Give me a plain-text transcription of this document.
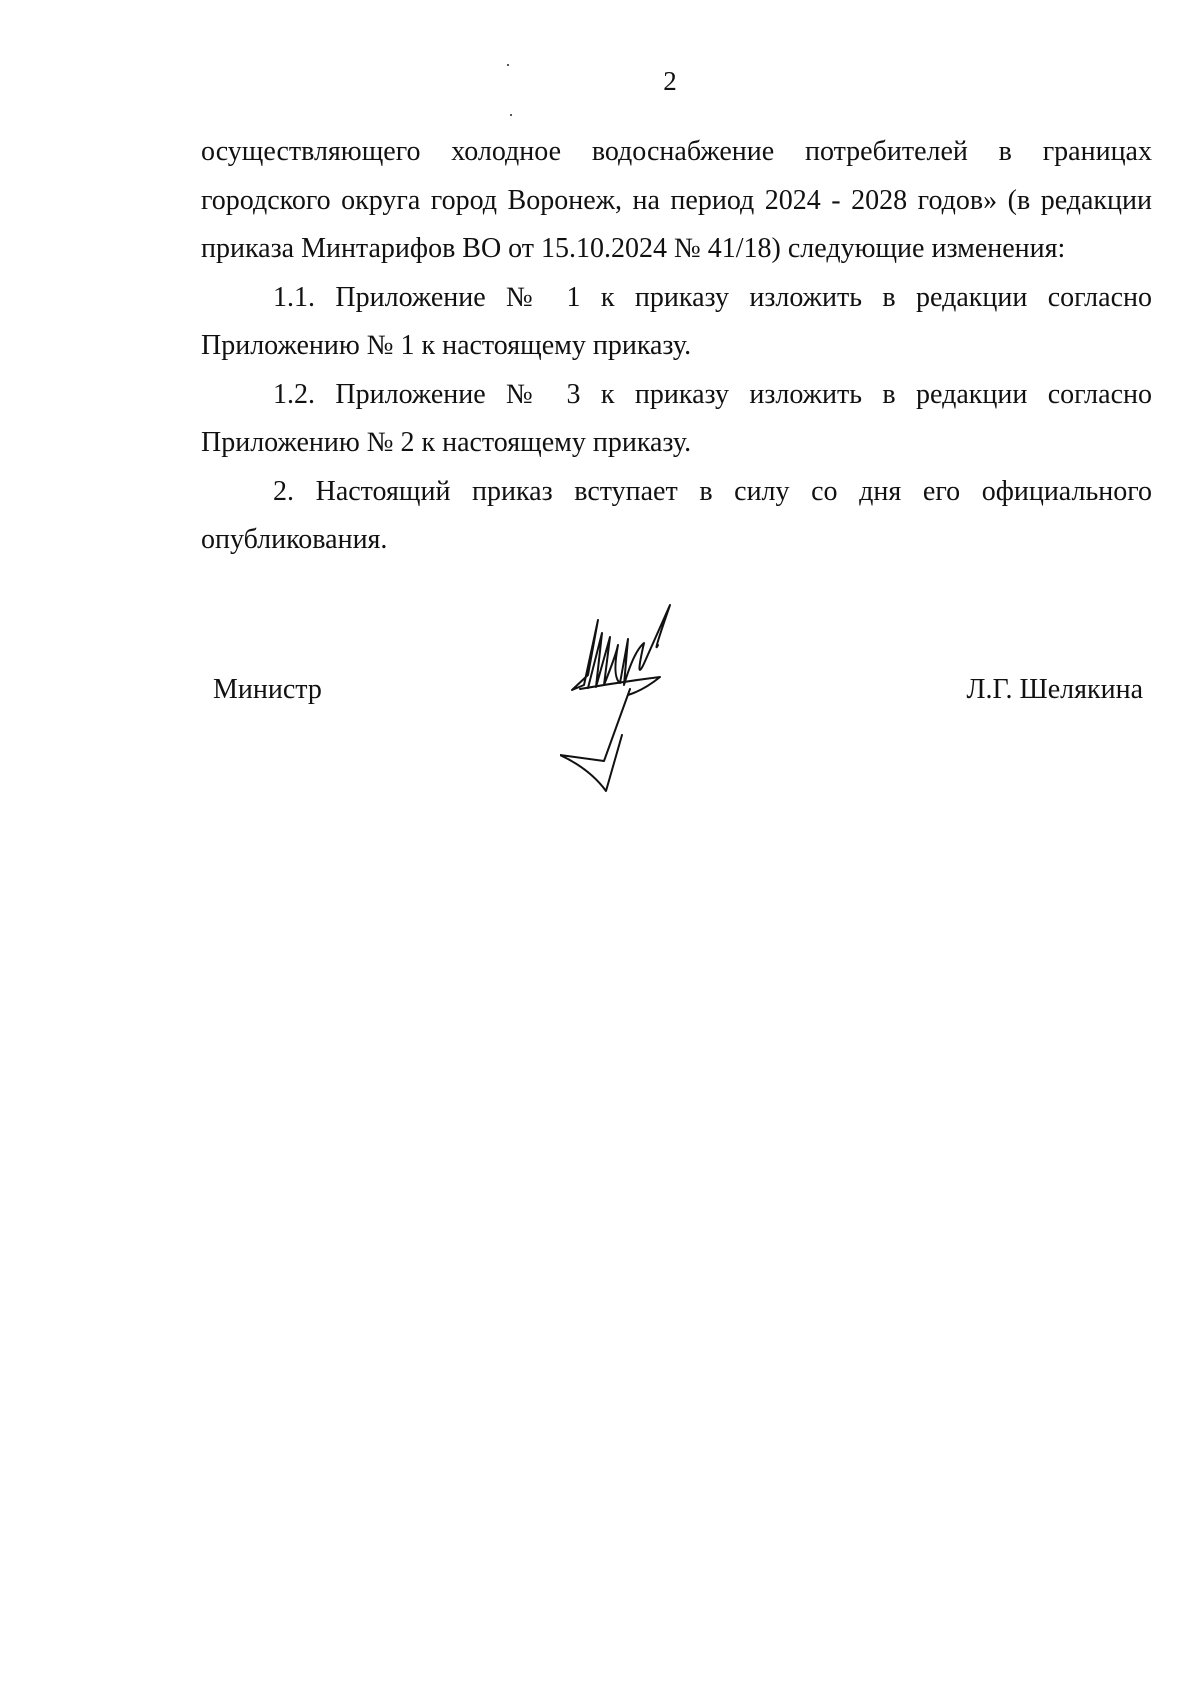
2

осуществляющего холодное водоснабжение потребителей в границах городского округа город Воронеж, на период 2024 - 2028 годов» (в редакции приказа Минтарифов ВО от 15.10.2024 № 41/18) следующие изменения:

1.1. Приложение № 1 к приказу изложить в редакции согласно Приложению № 1 к настоящему приказу.

1.2. Приложение № 3 к приказу изложить в редакции согласно Приложению № 2 к настоящему приказу.

2. Настоящий приказ вступает в силу со дня его официального опубликования.

Министр	Л.Г. Шелякина
